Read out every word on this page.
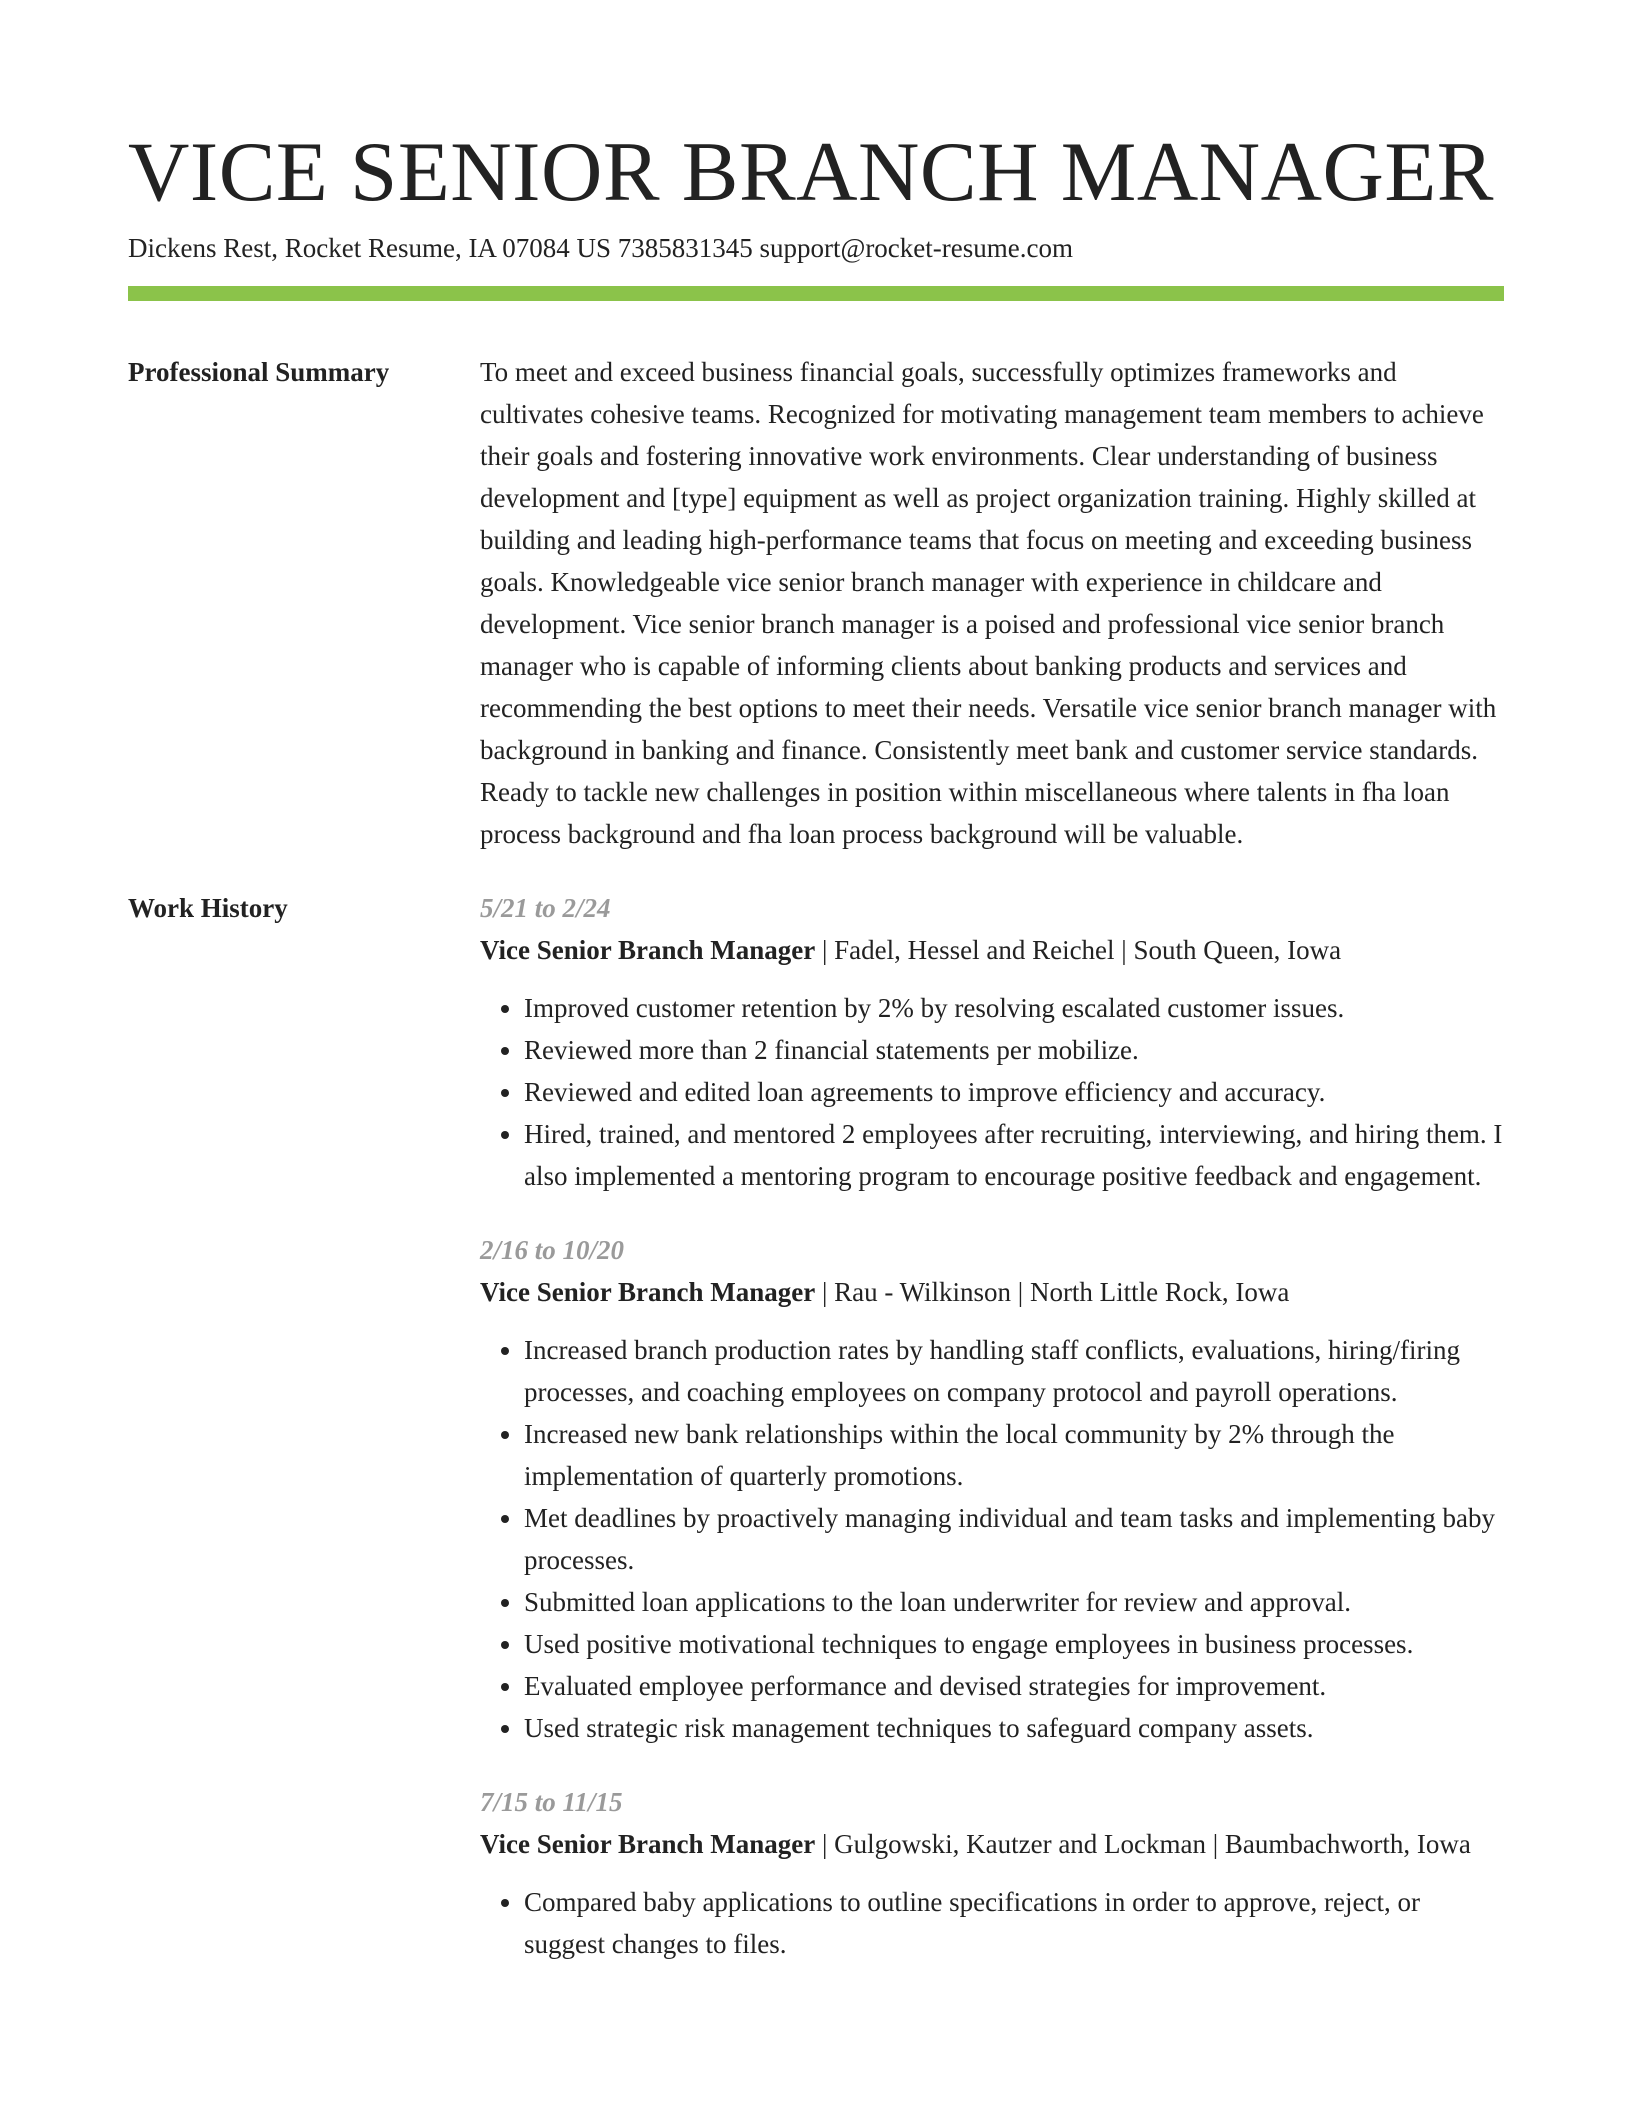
VICE SENIOR BRANCH MANAGER
Dickens Rest, Rocket Resume, IA 07084 US 7385831345 support@rocket-resume.com
Professional Summary	To meet and exceed business financial goals, successfully optimizes frameworks and cultivates cohesive teams. Recognized for motivating management team members to achieve their goals and fostering innovative work environments. Clear understanding of business development and [type] equipment as well as project organization training. Highly skilled at building and leading high-performance teams that focus on meeting and exceeding business goals. Knowledgeable vice senior branch manager with experience in childcare and development. Vice senior branch manager is a poised and professional vice senior branch manager who is capable of informing clients about banking products and services and recommending the best options to meet their needs. Versatile vice senior branch manager with background in banking and finance. Consistently meet bank and customer service standards. Ready to tackle new challenges in position within miscellaneous where talents in fha loan process background and fha loan process background will be valuable.
Work History	5/21 to 2/24
Vice Senior Branch Manager | Fadel, Hessel and Reichel | South Queen, Iowa
• Improved customer retention by 2% by resolving escalated customer issues.
• Reviewed more than 2 financial statements per mobilize.
• Reviewed and edited loan agreements to improve efficiency and accuracy.
• Hired, trained, and mentored 2 employees after recruiting, interviewing, and hiring them. I also implemented a mentoring program to encourage positive feedback and engagement.
2/16 to 10/20
Vice Senior Branch Manager | Rau - Wilkinson | North Little Rock, Iowa
• Increased branch production rates by handling staff conflicts, evaluations, hiring/firing processes, and coaching employees on company protocol and payroll operations.
• Increased new bank relationships within the local community by 2% through the implementation of quarterly promotions.
• Met deadlines by proactively managing individual and team tasks and implementing baby processes.
• Submitted loan applications to the loan underwriter for review and approval.
• Used positive motivational techniques to engage employees in business processes.
• Evaluated employee performance and devised strategies for improvement.
• Used strategic risk management techniques to safeguard company assets.
7/15 to 11/15
Vice Senior Branch Manager | Gulgowski, Kautzer and Lockman | Baumbachworth, Iowa
• Compared baby applications to outline specifications in order to approve, reject, or suggest changes to files.
